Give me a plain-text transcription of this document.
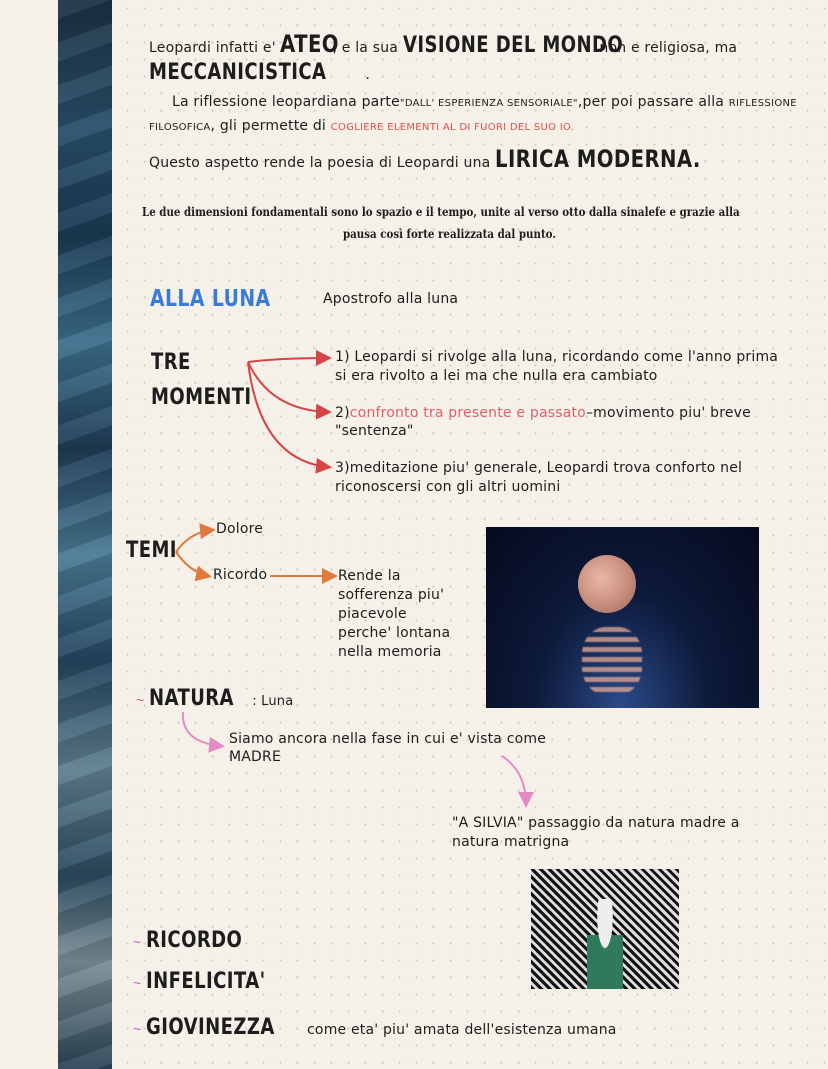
Leopardi infatti e' ATEO, e la sua VISIONE DEL MONDO non e religiosa, ma
MECCANICISTICA .
La riflessione leopardiana parte"DALL' ESPERIENZA SENSORIALE",per poi passare alla RIFLESSIONE
FILOSOFICA, gli permette di COGLIERE ELEMENTI AL DI FUORI DEL SUO IO.
Questo aspetto rende la poesia di Leopardi una LIRICA MODERNA.
Le due dimensioni fondamentali sono lo spazio e il tempo, unite al verso otto dalla sinalefe e grazie alla
pausa così forte realizzata dal punto.
ALLA LUNA	Apostrofo alla luna
TRE
MOMENTI
1) Leopardi si rivolge alla luna, ricordando come l'anno prima
si era rivolto a lei ma che nulla era cambiato
2)confronto tra presente e passato–movimento piu' breve
"sentenza"
3)meditazione piu' generale, Leopardi trova conforto nel
riconoscersi con gli altri uomini
TEMI
Dolore
Ricordo	Rende la
sofferenza piu'
piacevole
perche' lontana
nella memoria
~ NATURA : Luna
Siamo ancora nella fase in cui e' vista come
MADRE
"A SILVIA" passaggio da natura madre a
natura matrigna
~ RICORDO
~ INFELICITA'
~ GIOVINEZZA come eta' piu' amata dell'esistenza umana
